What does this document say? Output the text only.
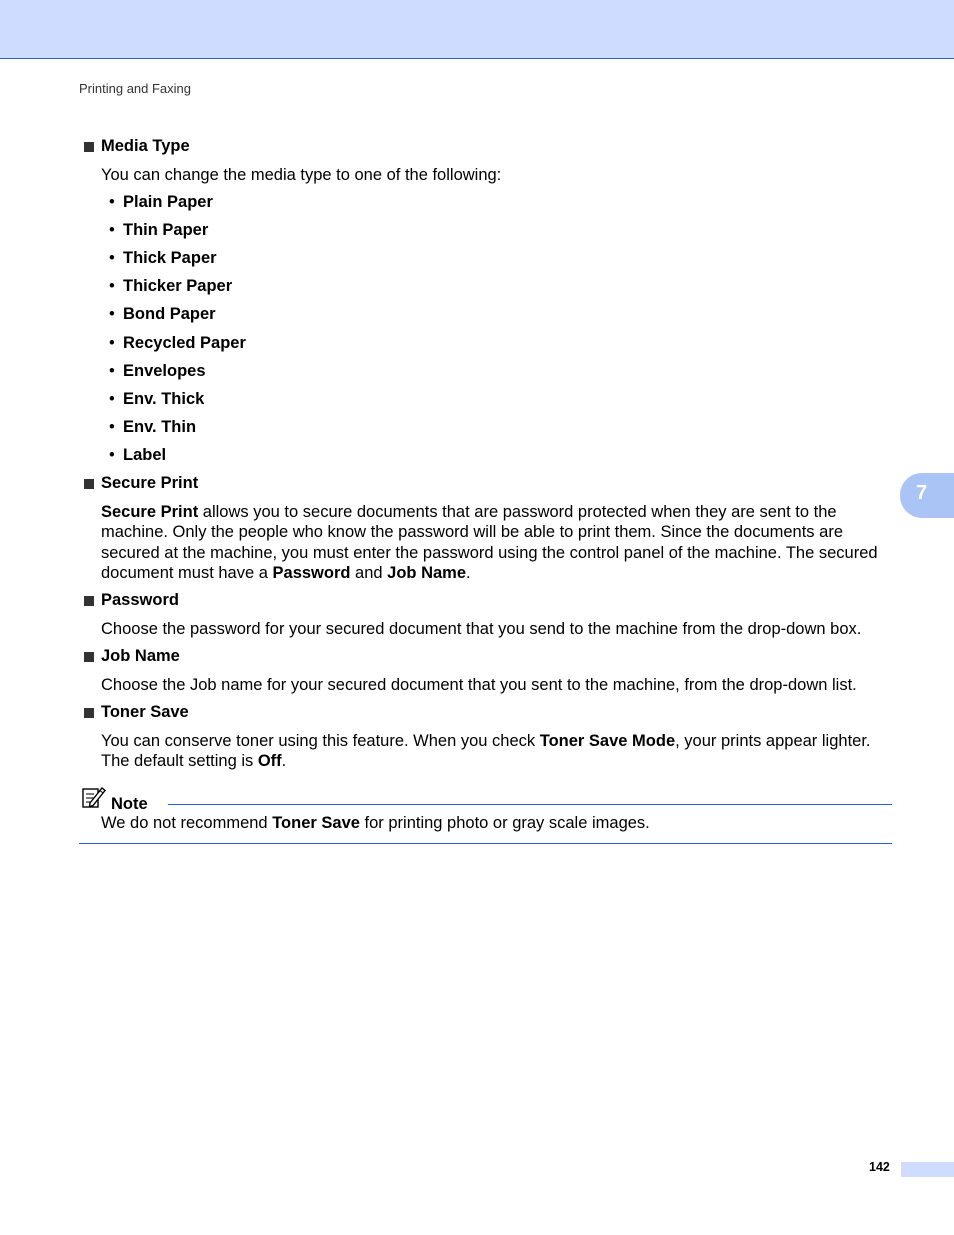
Printing and Faxing
7
Media Type
You can change the media type to one of the following:
• Plain Paper
• Thin Paper
• Thick Paper
• Thicker Paper
• Bond Paper
• Recycled Paper
• Envelopes
• Env. Thick
• Env. Thin
• Label
Secure Print
Secure Print allows you to secure documents that are password protected when they are sent to the machine. Only the people who know the password will be able to print them. Since the documents are secured at the machine, you must enter the password using the control panel of the machine. The secured document must have a Password and Job Name.
Password
Choose the password for your secured document that you send to the machine from the drop-down box.
Job Name
Choose the Job name for your secured document that you sent to the machine, from the drop-down list.
Toner Save
You can conserve toner using this feature. When you check Toner Save Mode, your prints appear lighter. The default setting is Off.
Note
We do not recommend Toner Save for printing photo or gray scale images.
142
